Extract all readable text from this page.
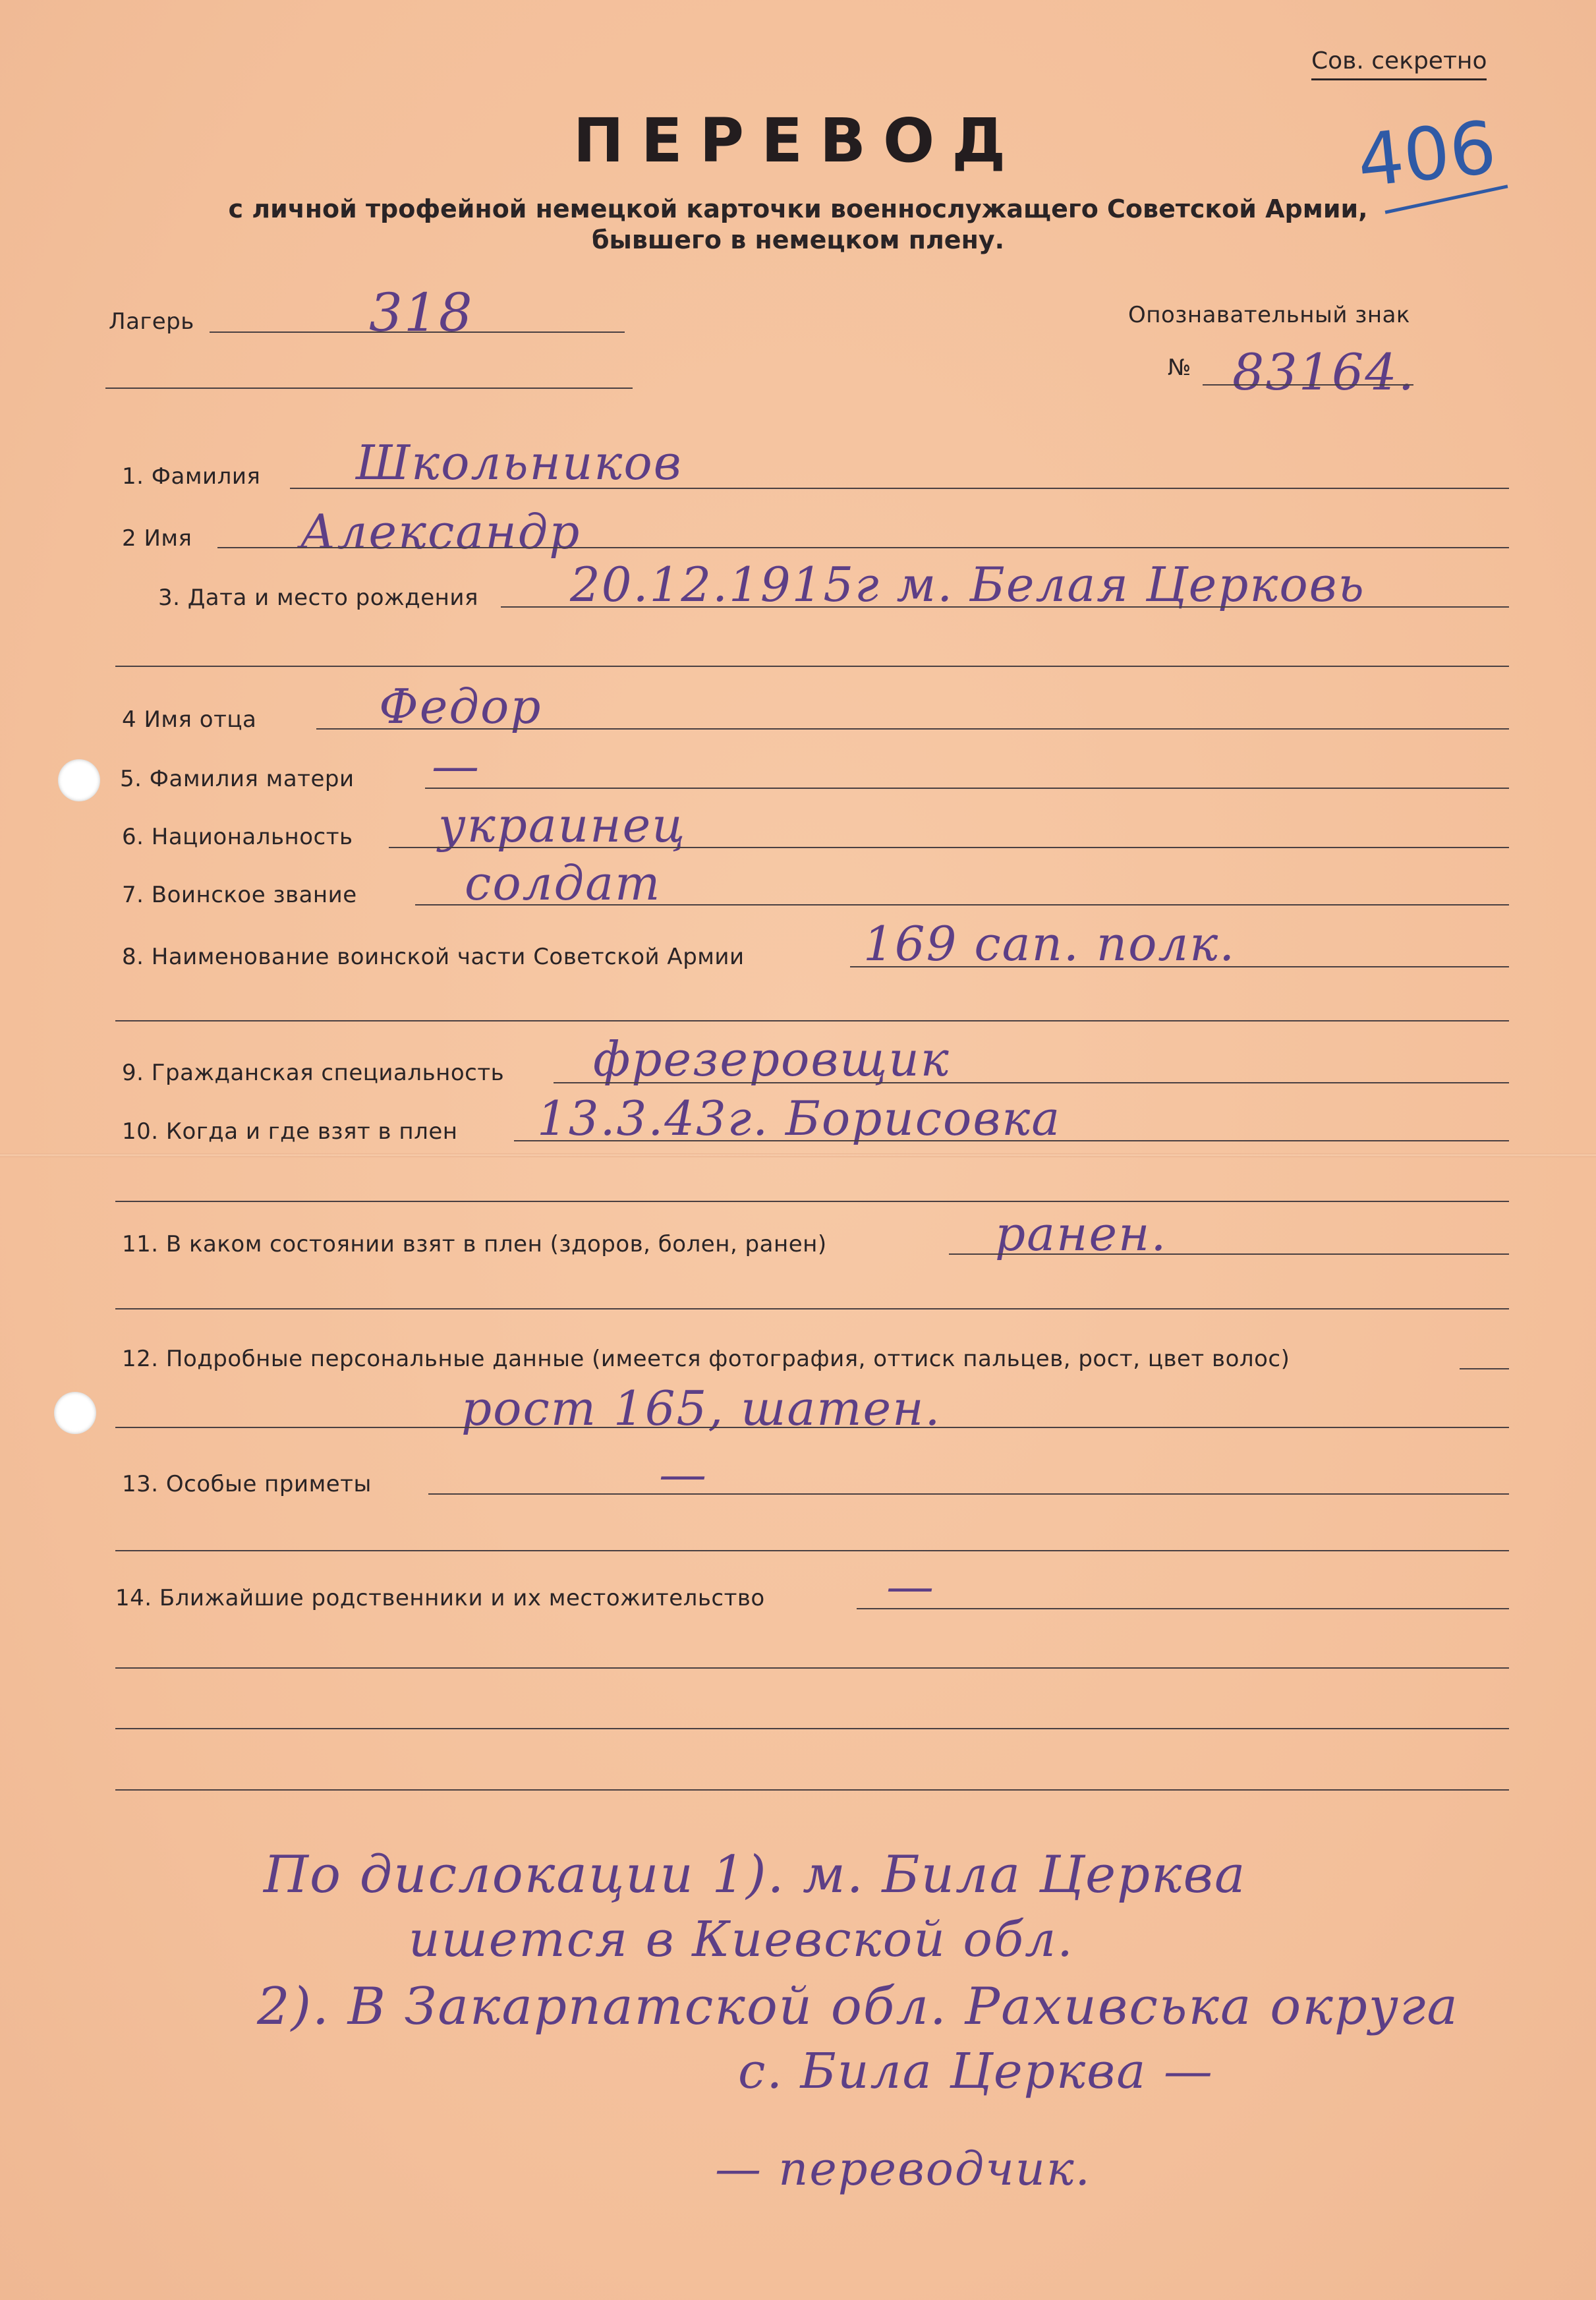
Сов. секретно
406
ПЕРЕВОД
с личной трофейной немецкой карточки военнослужащего Советской Армии,
бывшего в немецком плену.
Лагерь	318	Опознавательный знак
№ 83164.
1. Фамилия Школьников
2 Имя Александр
3. Дата и место рождения 20.12.1915г м. Белая Церковь
4 Имя отца	Федор
5. Фамилия матери —
6. Национальность украинец
7. Воинское звание солдат
8. Наименование воинской части Советской Армии	169 сап. полк.
9. Гражданская специальность фрезеровщик
10. Когда и где взят в плен 13.3.43г. Борисовка
11. В каком состоянии взят в плен (здоров, болен, ранен)	ранен.
12. Подробные персональные данные (имеется фотография, оттиск пальцев, рост, цвет волос)
рост 165, шатен.
13. Особые приметы	—
14. Ближайшие родственники и их местожительство	—
По дислокации 1). м. Била Церква
ишется в Киевской обл.
2). В Закарпатской обл. Рахивська округа
с. Била Церква —
— переводчик.
